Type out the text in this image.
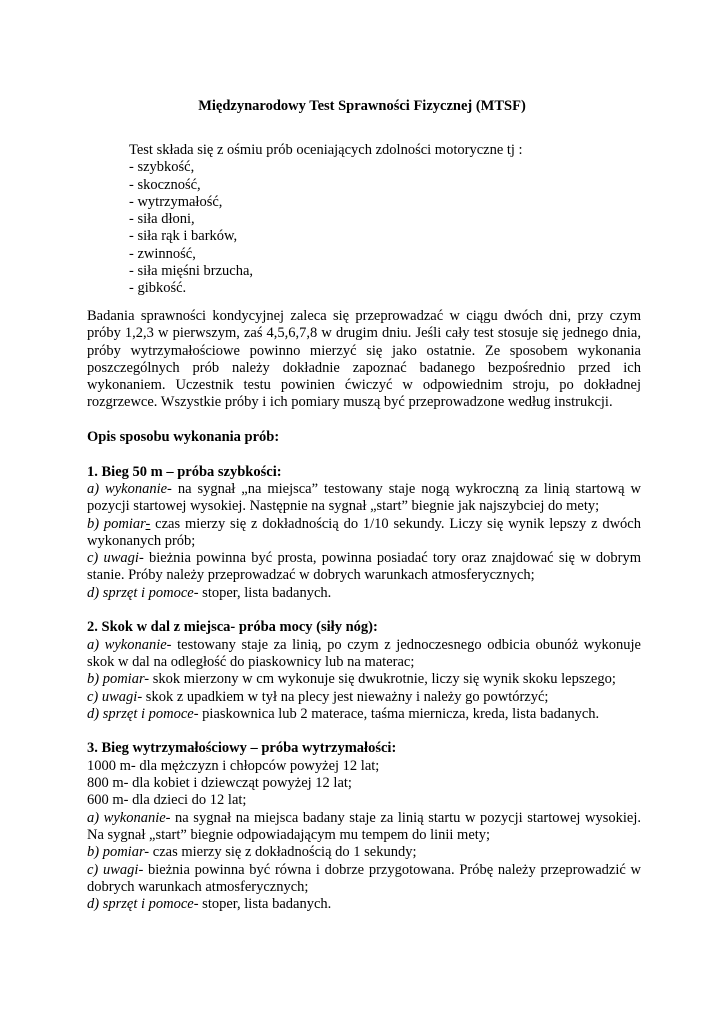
Międzynarodowy Test Sprawności Fizycznej (MTSF)
Test składa się z ośmiu prób oceniających zdolności motoryczne tj :
- szybkość,
- skoczność,
- wytrzymałość,
- siła dłoni,
- siła rąk i barków,
- zwinność,
- siła mięśni brzucha,
- gibkość.
Badania sprawności kondycyjnej zaleca się przeprowadzać w ciągu dwóch dni, przy czym
próby 1,2,3 w pierwszym, zaś 4,5,6,7,8 w drugim dniu. Jeśli cały test stosuje się jednego dnia,
próby wytrzymałościowe powinno mierzyć się jako ostatnie. Ze sposobem wykonania
poszczególnych prób należy dokładnie zapoznać badanego bezpośrednio przed ich
wykonaniem. Uczestnik testu powinien ćwiczyć w odpowiednim stroju, po dokładnej
rozgrzewce. Wszystkie próby i ich pomiary muszą być przeprowadzone według instrukcji.
Opis sposobu wykonania prób:
1. Bieg 50 m – próba szybkości:
a) wykonanie- na sygnał „na miejsca” testowany staje nogą wykroczną za linią startową w
pozycji startowej wysokiej. Następnie na sygnał „start” biegnie jak najszybciej do mety;
b) pomiar- czas mierzy się z dokładnością do 1/10 sekundy. Liczy się wynik lepszy z dwóch
wykonanych prób;
c) uwagi- bieżnia powinna być prosta, powinna posiadać tory oraz znajdować się w dobrym
stanie. Próby należy przeprowadzać w dobrych warunkach atmosferycznych;
d) sprzęt i pomoce- stoper, lista badanych.
2. Skok w dal z miejsca- próba mocy (siły nóg):
a) wykonanie- testowany staje za linią, po czym z jednoczesnego odbicia obunóż wykonuje
skok w dal na odległość do piaskownicy lub na materac;
b) pomiar- skok mierzony w cm wykonuje się dwukrotnie, liczy się wynik skoku lepszego;
c) uwagi- skok z upadkiem w tył na plecy jest nieważny i należy go powtórzyć;
d) sprzęt i pomoce- piaskownica lub 2 materace, taśma miernicza, kreda, lista badanych.
3. Bieg wytrzymałościowy – próba wytrzymałości:
1000 m- dla mężczyzn i chłopców powyżej 12 lat;
800 m- dla kobiet i dziewcząt powyżej 12 lat;
600 m- dla dzieci do 12 lat;
a) wykonanie- na sygnał na miejsca badany staje za linią startu w pozycji startowej wysokiej.
Na sygnał „start” biegnie odpowiadającym mu tempem do linii mety;
b) pomiar- czas mierzy się z dokładnością do 1 sekundy;
c) uwagi- bieżnia powinna być równa i dobrze przygotowana. Próbę należy przeprowadzić w
dobrych warunkach atmosferycznych;
d) sprzęt i pomoce- stoper, lista badanych.
